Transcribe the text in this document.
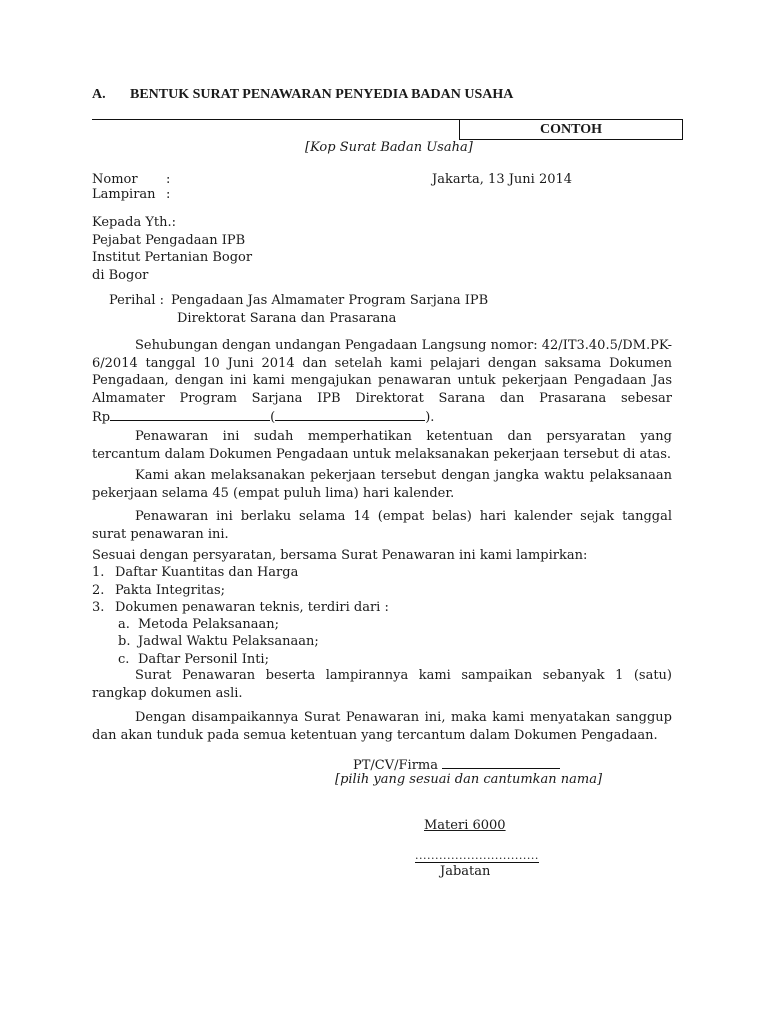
A. BENTUK SURAT PENAWARAN PENYEDIA BADAN USAHA
CONTOH
[Kop Surat Badan Usaha]
Nomor :
Lampiran :
Jakarta, 13 Juni 2014
Kepada Yth.:
Pejabat Pengadaan IPB
Institut Pertanian Bogor
di Bogor
Perihal : Pengadaan Jas Almamater Program Sarjana IPB
Direktorat Sarana dan Prasarana
Sehubungan dengan undangan Pengadaan Langsung nomor: 42/IT3.40.5/DM.PK-6/2014 tanggal 10 Juni 2014 dan setelah kami pelajari dengan saksama Dokumen Pengadaan, dengan ini kami mengajukan penawaran untuk pekerjaan Pengadaan Jas Almamater Program Sarjana IPB Direktorat Sarana dan Prasarana sebesar
Rp	(	).
Penawaran ini sudah memperhatikan ketentuan dan persyaratan yang tercantum dalam Dokumen Pengadaan untuk melaksanakan pekerjaan tersebut di atas.
Kami akan melaksanakan pekerjaan tersebut dengan jangka waktu pelaksanaan pekerjaan selama 45 (empat puluh lima) hari kalender.
Penawaran ini berlaku selama 14 (empat belas) hari kalender sejak tanggal surat penawaran ini.
Sesuai dengan persyaratan, bersama Surat Penawaran ini kami lampirkan:
1. Daftar Kuantitas dan Harga
2. Pakta Integritas;
3. Dokumen penawaran teknis, terdiri dari :
a. Metoda Pelaksanaan;
b. Jadwal Waktu Pelaksanaan;
c. Daftar Personil Inti;
Surat Penawaran beserta lampirannya kami sampaikan sebanyak 1 (satu) rangkap dokumen asli.
Dengan disampaikannya Surat Penawaran ini, maka kami menyatakan sanggup dan akan tunduk pada semua ketentuan yang tercantum dalam Dokumen Pengadaan.
PT/CV/Firma
[pilih yang sesuai dan cantumkan nama]
Materi 6000
...............................
Jabatan
